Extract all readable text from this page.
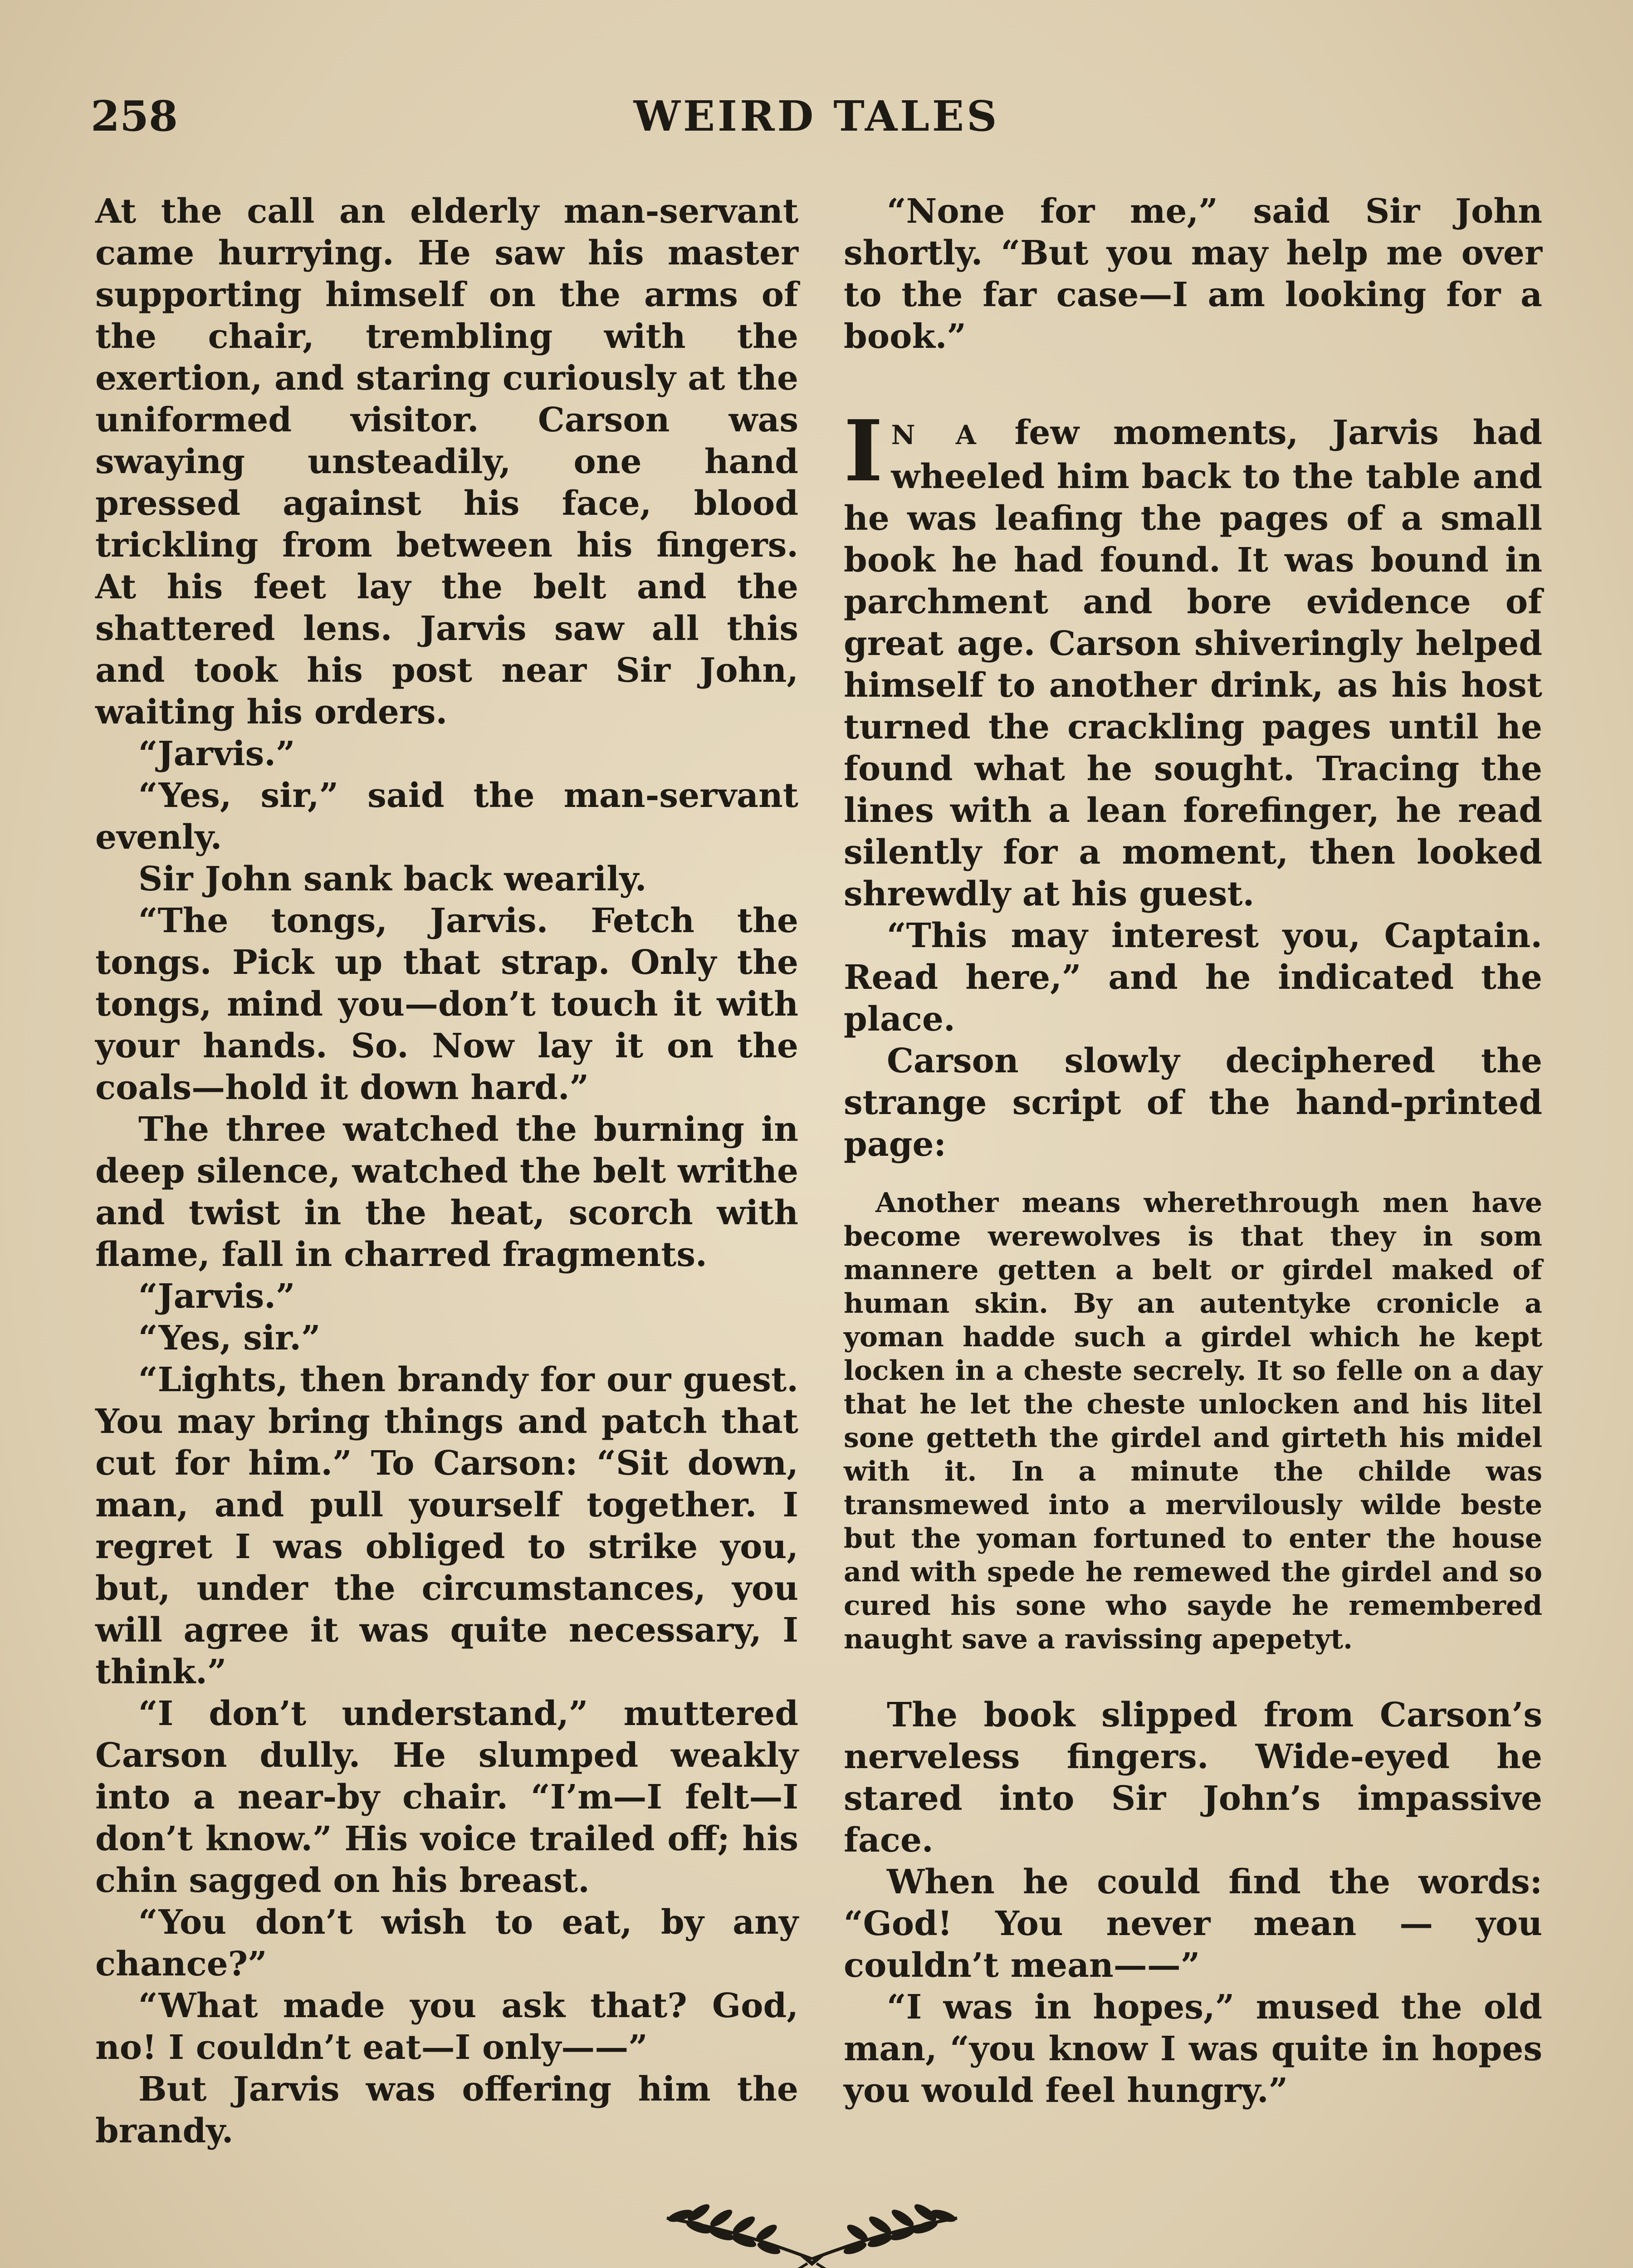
258	WEIRD TALES

At the call an elderly man-servant came hurrying. He saw his master supporting himself on the arms of the chair, trembling with the exertion, and staring curiously at the uniformed visitor. Carson was swaying unsteadily, one hand pressed against his face, blood trickling from between his fingers. At his feet lay the belt and the shattered lens. Jarvis saw all this and took his post near Sir John, waiting his orders.

“Jarvis.”

“Yes, sir,” said the man-servant evenly.

Sir John sank back wearily.

“The tongs, Jarvis. Fetch the tongs. Pick up that strap. Only the tongs, mind you—don’t touch it with your hands. So. Now lay it on the coals—hold it down hard.”

The three watched the burning in deep silence, watched the belt writhe and twist in the heat, scorch with flame, fall in charred fragments.

“Jarvis.”

“Yes, sir.”

“Lights, then brandy for our guest. You may bring things and patch that cut for him.” To Carson: “Sit down, man, and pull yourself together. I regret I was obliged to strike you, but, under the circumstances, you will agree it was quite necessary, I think.”

“I don’t understand,” muttered Carson dully. He slumped weakly into a near-by chair. “I’m—I felt—I don’t know.” His voice trailed off; his chin sagged on his breast.

“You don’t wish to eat, by any chance?”

“What made you ask that? God, no! I couldn’t eat—I only——”

But Jarvis was offering him the brandy.

“None for me,” said Sir John shortly. “But you may help me over to the far case—I am looking for a book.”

I N A few moments, Jarvis had wheeled him back to the table and he was leafing the pages of a small book he had found. It was bound in parchment and bore evidence of great age. Carson shiveringly helped himself to another drink, as his host turned the crackling pages until he found what he sought. Tracing the lines with a lean forefinger, he read silently for a moment, then looked shrewdly at his guest.

“This may interest you, Captain. Read here,” and he indicated the place.

Carson slowly deciphered the strange script of the hand-printed page:

Another means wherethrough men have become werewolves is that they in som mannere getten a belt or girdel maked of human skin. By an autentyke cronicle a yoman hadde such a girdel which he kept locken in a cheste secrely. It so felle on a day that he let the cheste unlocken and his litel sone getteth the girdel and girteth his midel with it. In a minute the childe was transmewed into a mervilously wilde beste but the yoman fortuned to enter the house and with spede he remewed the girdel and so cured his sone who sayde he remembered naught save a ravissing apepetyt.

The book slipped from Carson’s nerveless fingers. Wide-eyed he stared into Sir John’s impassive face.

When he could find the words: “God! You never mean — you couldn’t mean——”

“I was in hopes,” mused the old man, “you know I was quite in hopes you would feel hungry.”
